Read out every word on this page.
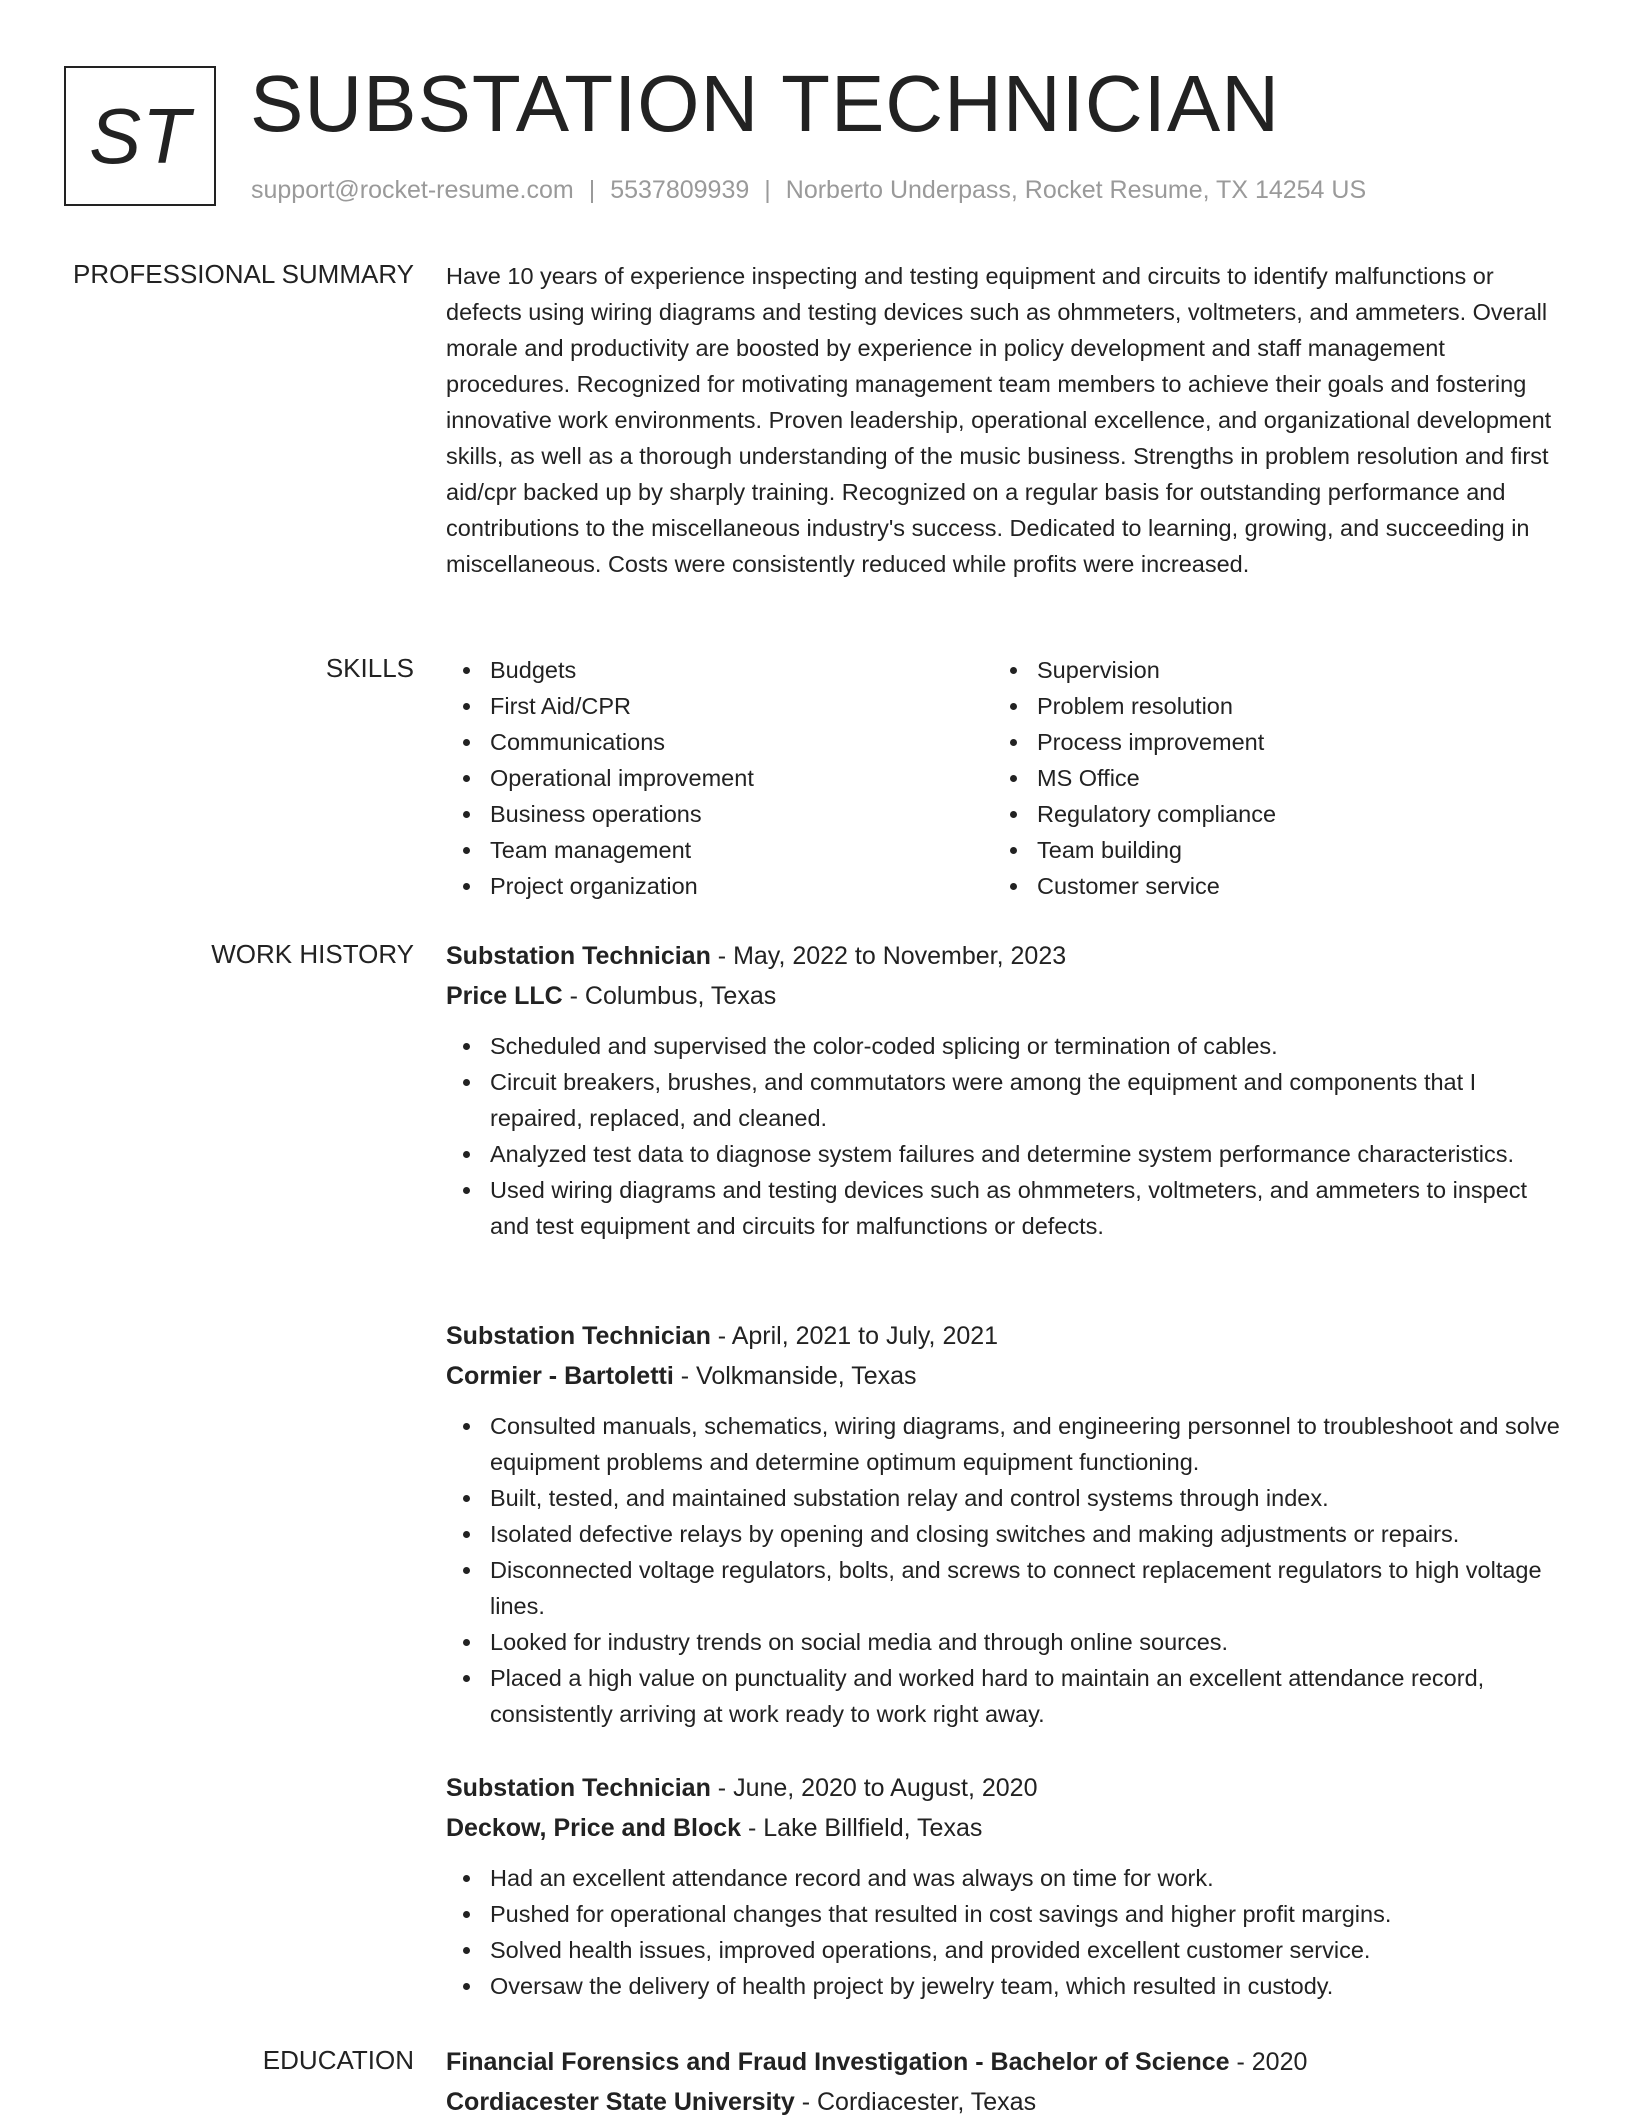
ST SUBSTATION TECHNICIAN
support@rocket-resume.com | 5537809939 | Norberto Underpass, Rocket Resume, TX 14254 US
PROFESSIONAL SUMMARY Have 10 years of experience inspecting and testing equipment and circuits to identify malfunctions or defects using wiring diagrams and testing devices such as ohmmeters, voltmeters, and ammeters. Overall morale and productivity are boosted by experience in policy development and staff management procedures. Recognized for motivating management team members to achieve their goals and fostering innovative work environments. Proven leadership, operational excellence, and organizational development skills, as well as a thorough understanding of the music business. Strengths in problem resolution and first aid/cpr backed up by sharply training. Recognized on a regular basis for outstanding performance and contributions to the miscellaneous industry's success. Dedicated to learning, growing, and succeeding in miscellaneous. Costs were consistently reduced while profits were increased.

SKILLS	Budgets
First Aid/CPR
Communications
Operational improvement
Business operations
Team management
Project organization
Supervision
Problem resolution
Process improvement
MS Office
Regulatory compliance
Team building
Customer service
WORK HISTORY Substation Technician - May, 2022 to November, 2023
Price LLC - Columbus, Texas
Scheduled and supervised the color-coded splicing or termination of cables.
Circuit breakers, brushes, and commutators were among the equipment and components that I repaired, replaced, and cleaned.
Analyzed test data to diagnose system failures and determine system performance characteristics.
Used wiring diagrams and testing devices such as ohmmeters, voltmeters, and ammeters to inspect and test equipment and circuits for malfunctions or defects.
Substation Technician - April, 2021 to July, 2021
Cormier - Bartoletti - Volkmanside, Texas
Consulted manuals, schematics, wiring diagrams, and engineering personnel to troubleshoot and solve equipment problems and determine optimum equipment functioning.
Built, tested, and maintained substation relay and control systems through index.
Isolated defective relays by opening and closing switches and making adjustments or repairs.
Disconnected voltage regulators, bolts, and screws to connect replacement regulators to high voltage lines.
Looked for industry trends on social media and through online sources.
Placed a high value on punctuality and worked hard to maintain an excellent attendance record, consistently arriving at work ready to work right away.
Substation Technician - June, 2020 to August, 2020
Deckow, Price and Block - Lake Billfield, Texas
Had an excellent attendance record and was always on time for work.
Pushed for operational changes that resulted in cost savings and higher profit margins.
Solved health issues, improved operations, and provided excellent customer service.
Oversaw the delivery of health project by jewelry team, which resulted in custody.
EDUCATION Financial Forensics and Fraud Investigation - Bachelor of Science - 2020
Cordiacester State University - Cordiacester, Texas
